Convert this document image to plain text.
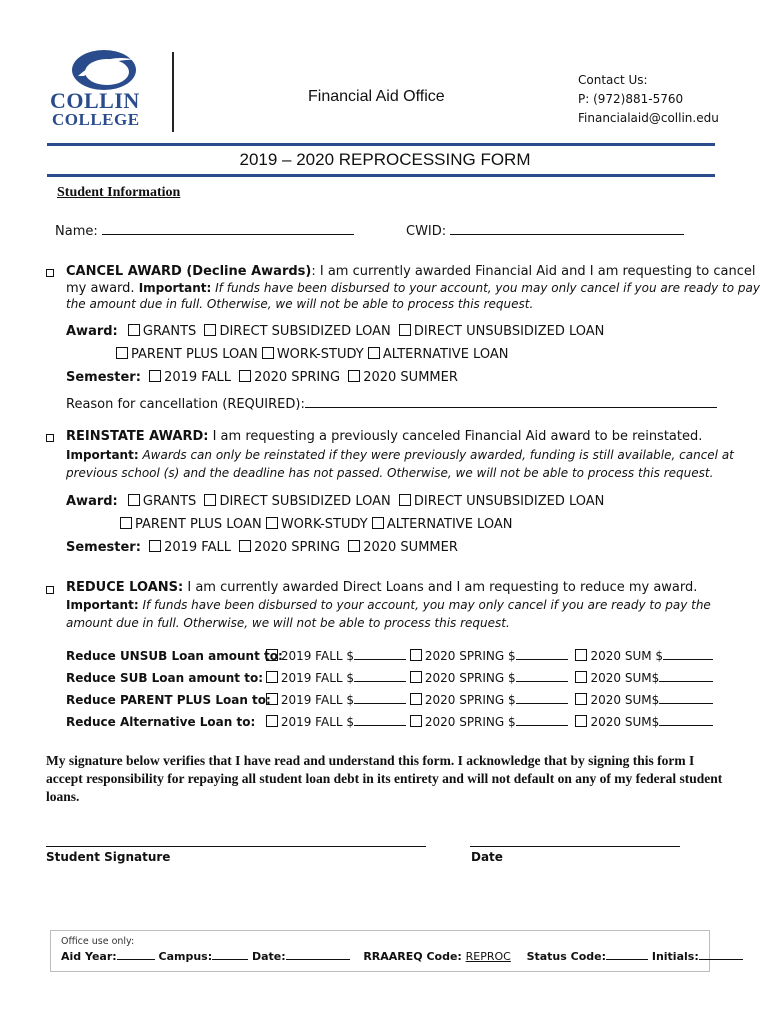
COLLIN
COLLEGE
Financial Aid Office
Contact Us:
P: (972)881-5760
Financialaid@collin.edu
2019 – 2020 REPROCESSING FORM
Student Information
Name:	CWID:
CANCEL AWARD (Decline Awards): I am currently awarded Financial Aid and I am requesting to cancel
my award. Important: If funds have been disbursed to your account, you may only cancel if you are ready to pay
the amount due in full. Otherwise, we will not be able to process this request.
Award: GRANTS DIRECT SUBSIDIZED LOAN DIRECT UNSUBSIDIZED LOAN
PARENT PLUS LOAN WORK-STUDY ALTERNATIVE LOAN
Semester: 2019 FALL 2020 SPRING 2020 SUMMER
Reason for cancellation (REQUIRED):
REINSTATE AWARD: I am requesting a previously canceled Financial Aid award to be reinstated.
Important: Awards can only be reinstated if they were previously awarded, funding is still available, cancel at
previous school (s) and the deadline has not passed. Otherwise, we will not be able to process this request.
Award: GRANTS DIRECT SUBSIDIZED LOAN DIRECT UNSUBSIDIZED LOAN
PARENT PLUS LOAN WORK-STUDY ALTERNATIVE LOAN
Semester: 2019 FALL 2020 SPRING 2020 SUMMER
REDUCE LOANS: I am currently awarded Direct Loans and I am requesting to reduce my award.
Important: If funds have been disbursed to your account, you may only cancel if you are ready to pay the
amount due in full. Otherwise, we will not be able to process this request.
Reduce UNSUB Loan amount to: 2019 FALL $	2020 SPRING $	2020 SUM $
Reduce SUB Loan amount to: 2019 FALL $	2020 SPRING $	2020 SUM$
Reduce PARENT PLUS Loan to: 2019 FALL $	2020 SPRING $	2020 SUM$
Reduce Alternative Loan to: 2019 FALL $	2020 SPRING $	2020 SUM$
My signature below verifies that I have read and understand this form. I acknowledge that by signing this form I accept responsibility for repaying all student loan debt in its entirety and will not default on any of my federal student loans.
Student Signature	Date
Office use only:
Aid Year:	Campus:	Date:	RRAAREQ Code: REPROC Status Code:	Initials:
